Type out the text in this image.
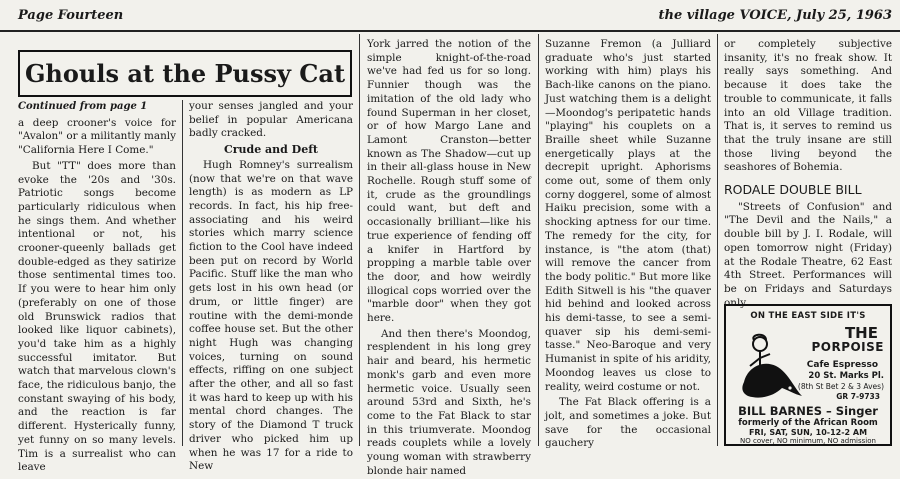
Page Fourteen	the village VOICE, July 25, 1963
Ghouls at the Pussy Cat
Continued from page 1

a deep crooner's voice for "Avalon" or a militantly manly "California Here I Come."

But "TT" does more than evoke the '20s and '30s. Patriotic songs become particularly ridiculous when he sings them. And whether intentional or not, his crooner-queenly ballads get double-edged as they satirize those sentimental times too. If you were to hear him only (preferably on one of those old Brunswick radios that looked like liquor cabinets), you'd take him as a highly successful imitator. But watch that marvelous clown's face, the ridiculous banjo, the constant swaying of his body, and the reaction is far different. Hysterically funny, yet funny on so many levels. Tim is a surrealist who can leave

your senses jangled and your belief in popular Americana badly cracked.

Crude and Deft

Hugh Romney's surrealism (now that we're on that wave length) is as modern as LP records. In fact, his hip free-associating and his weird stories which marry science fiction to the Cool have indeed been put on record by World Pacific. Stuff like the man who gets lost in his own head (or drum, or little finger) are routine with the demi-monde coffee house set. But the other night Hugh was changing voices, turning on sound effects, riffing on one subject after the other, and all so fast it was hard to keep up with his mental chord changes. The story of the Diamond T truck driver who picked him up when he was 17 for a ride to New

York jarred the notion of the simple knight-of-the-road we've had fed us for so long. Funnier though was the imitation of the old lady who found Superman in her closet, or of how Margo Lane and Lamont Cranston—better known as The Shadow—cut up in their all-glass house in New Rochelle. Rough stuff some of it, crude as the groundlings could want, but deft and occasionally brilliant—like his true experience of fending off a knifer in Hartford by propping a marble table over the door, and how weirdly illogical cops worried over the "marble door" when they got here.

And then there's Moondog, resplendent in his long grey hair and beard, his hermetic monk's garb and even more hermetic voice. Usually seen around 53rd and Sixth, he's come to the Fat Black to star in this triumverate. Moondog reads couplets while a lovely young woman with strawberry blonde hair named

Suzanne Fremon (a Julliard graduate who's just started working with him) plays his Bach-like canons on the piano. Just watching them is a delight —Moondog's peripatetic hands "playing" his couplets on a Braille sheet while Suzanne energetically plays at the decrepit upright. Aphorisms come out, some of them only corny doggerel, some of almost Haiku precision, some with a shocking aptness for our time. The remedy for the city, for instance, is "the atom (that) will remove the cancer from the body politic." But more like Edith Sitwell is his "the quaver hid behind and looked across his demi-tasse, to see a semi-quaver sip his demi-semi-tasse." Neo-Baroque and very Humanist in spite of his aridity, Moondog leaves us close to reality, weird costume or not.

The Fat Black offering is a jolt, and sometimes a joke. But save for the occasional gauchery

or completely subjective insanity, it's no freak show. It really says something. And because it does take the trouble to communicate, it falls into an old Village tradition. That is, it serves to remind us that the truly insane are still those living beyond the seashores of Bohemia.

RODALE DOUBLE BILL

"Streets of Confusion" and "The Devil and the Nails," a double bill by J. I. Rodale, will open tomorrow night (Friday) at the Rodale Theatre, 62 East 4th Street. Performances will be on Fridays and Saturdays only.

ON THE EAST SIDE IT'S
THE
PORPOISE
Cafe Espresso
20 St. Marks Pl.
(8th St Bet 2 & 3 Aves)
GR 7-9733
BILL BARNES – Singer
formerly of the African Room
FRI, SAT, SUN, 10-12-2 AM
NO cover, NO minimum, NO admission
